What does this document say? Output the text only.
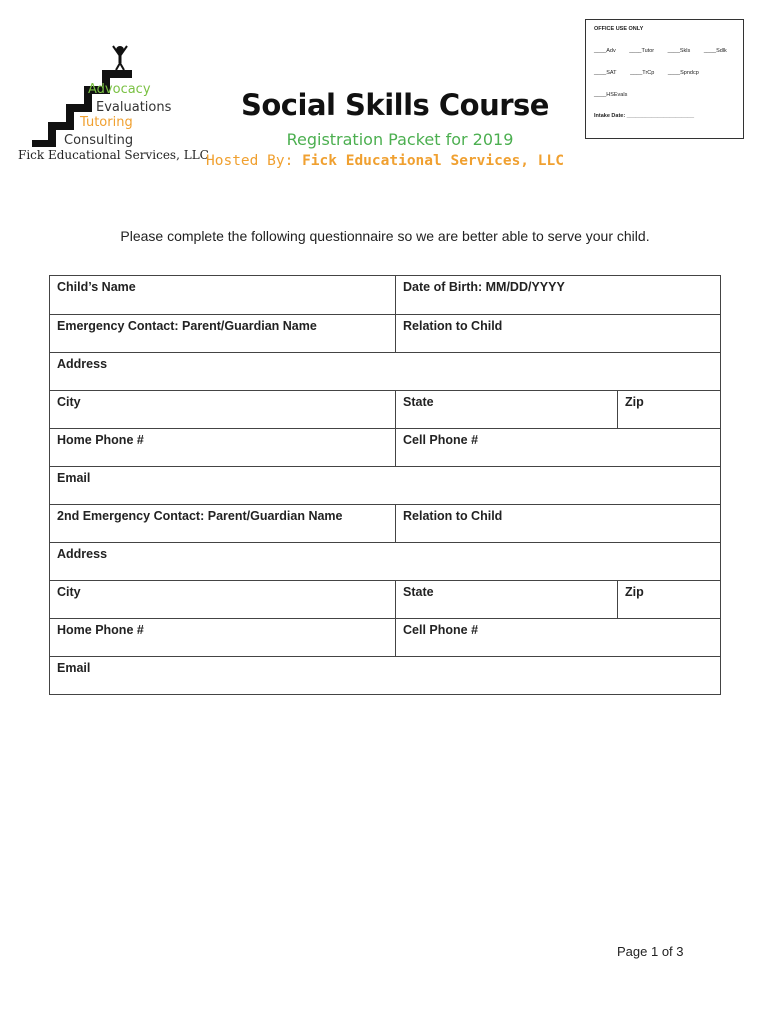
Advocacy
Evaluations
Tutoring
Consulting
Fick Educational Services, LLC
Social Skills Course
Registration Packet for 2019
Hosted By: Fick Educational Services, LLC
OFFICE USE ONLY
____Adv ____Tutor ____Skls ____Sdlk
____SAT ____TrCp ____Spndcp
____HSEvals
Intake Date: ______________________
Please complete the following questionnaire so we are better able to serve your child.
Child’s Name	Date of Birth: MM/DD/YYYY
Emergency Contact: Parent/Guardian Name	Relation to Child
Address
City	State	Zip
Home Phone #	Cell Phone #
Email
2nd Emergency Contact: Parent/Guardian Name	Relation to Child
Address
City	State	Zip
Home Phone #	Cell Phone #
Email
Page 1 of 3
